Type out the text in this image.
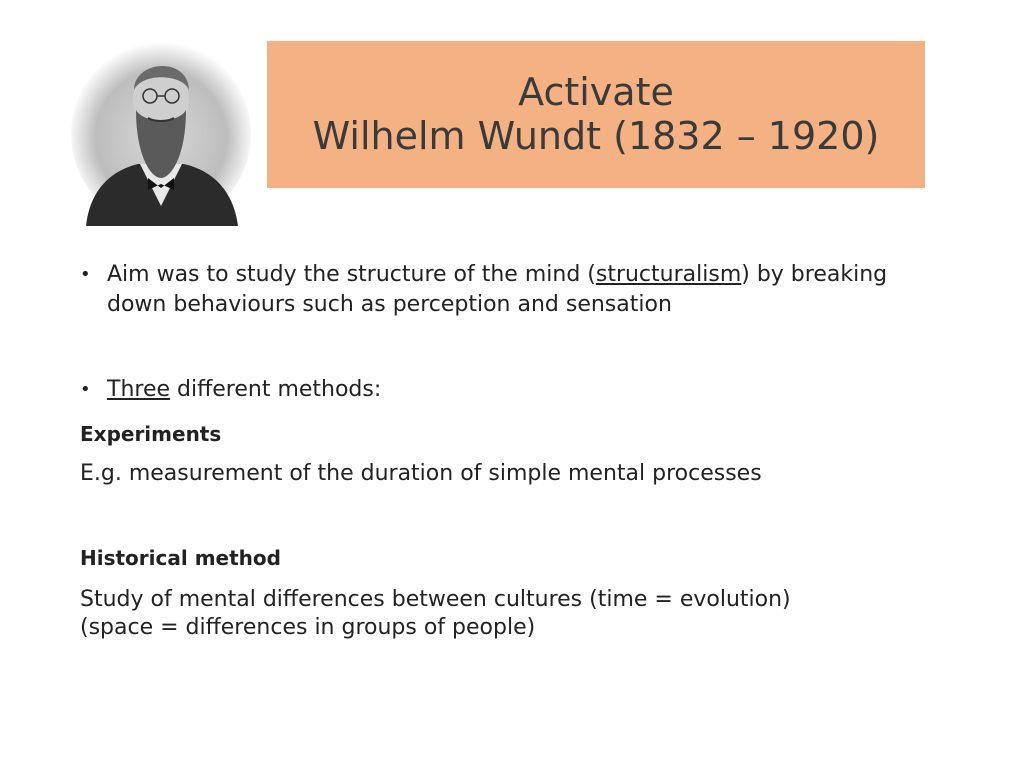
Activate
Wilhelm Wundt (1832 – 1920)
• Aim was to study the structure of the mind (structuralism) by breaking down behaviours such as perception and sensation
• Three different methods:
Experiments
E.g. measurement of the duration of simple mental processes
Historical method
Study of mental differences between cultures (time = evolution)
(space = differences in groups of people)
